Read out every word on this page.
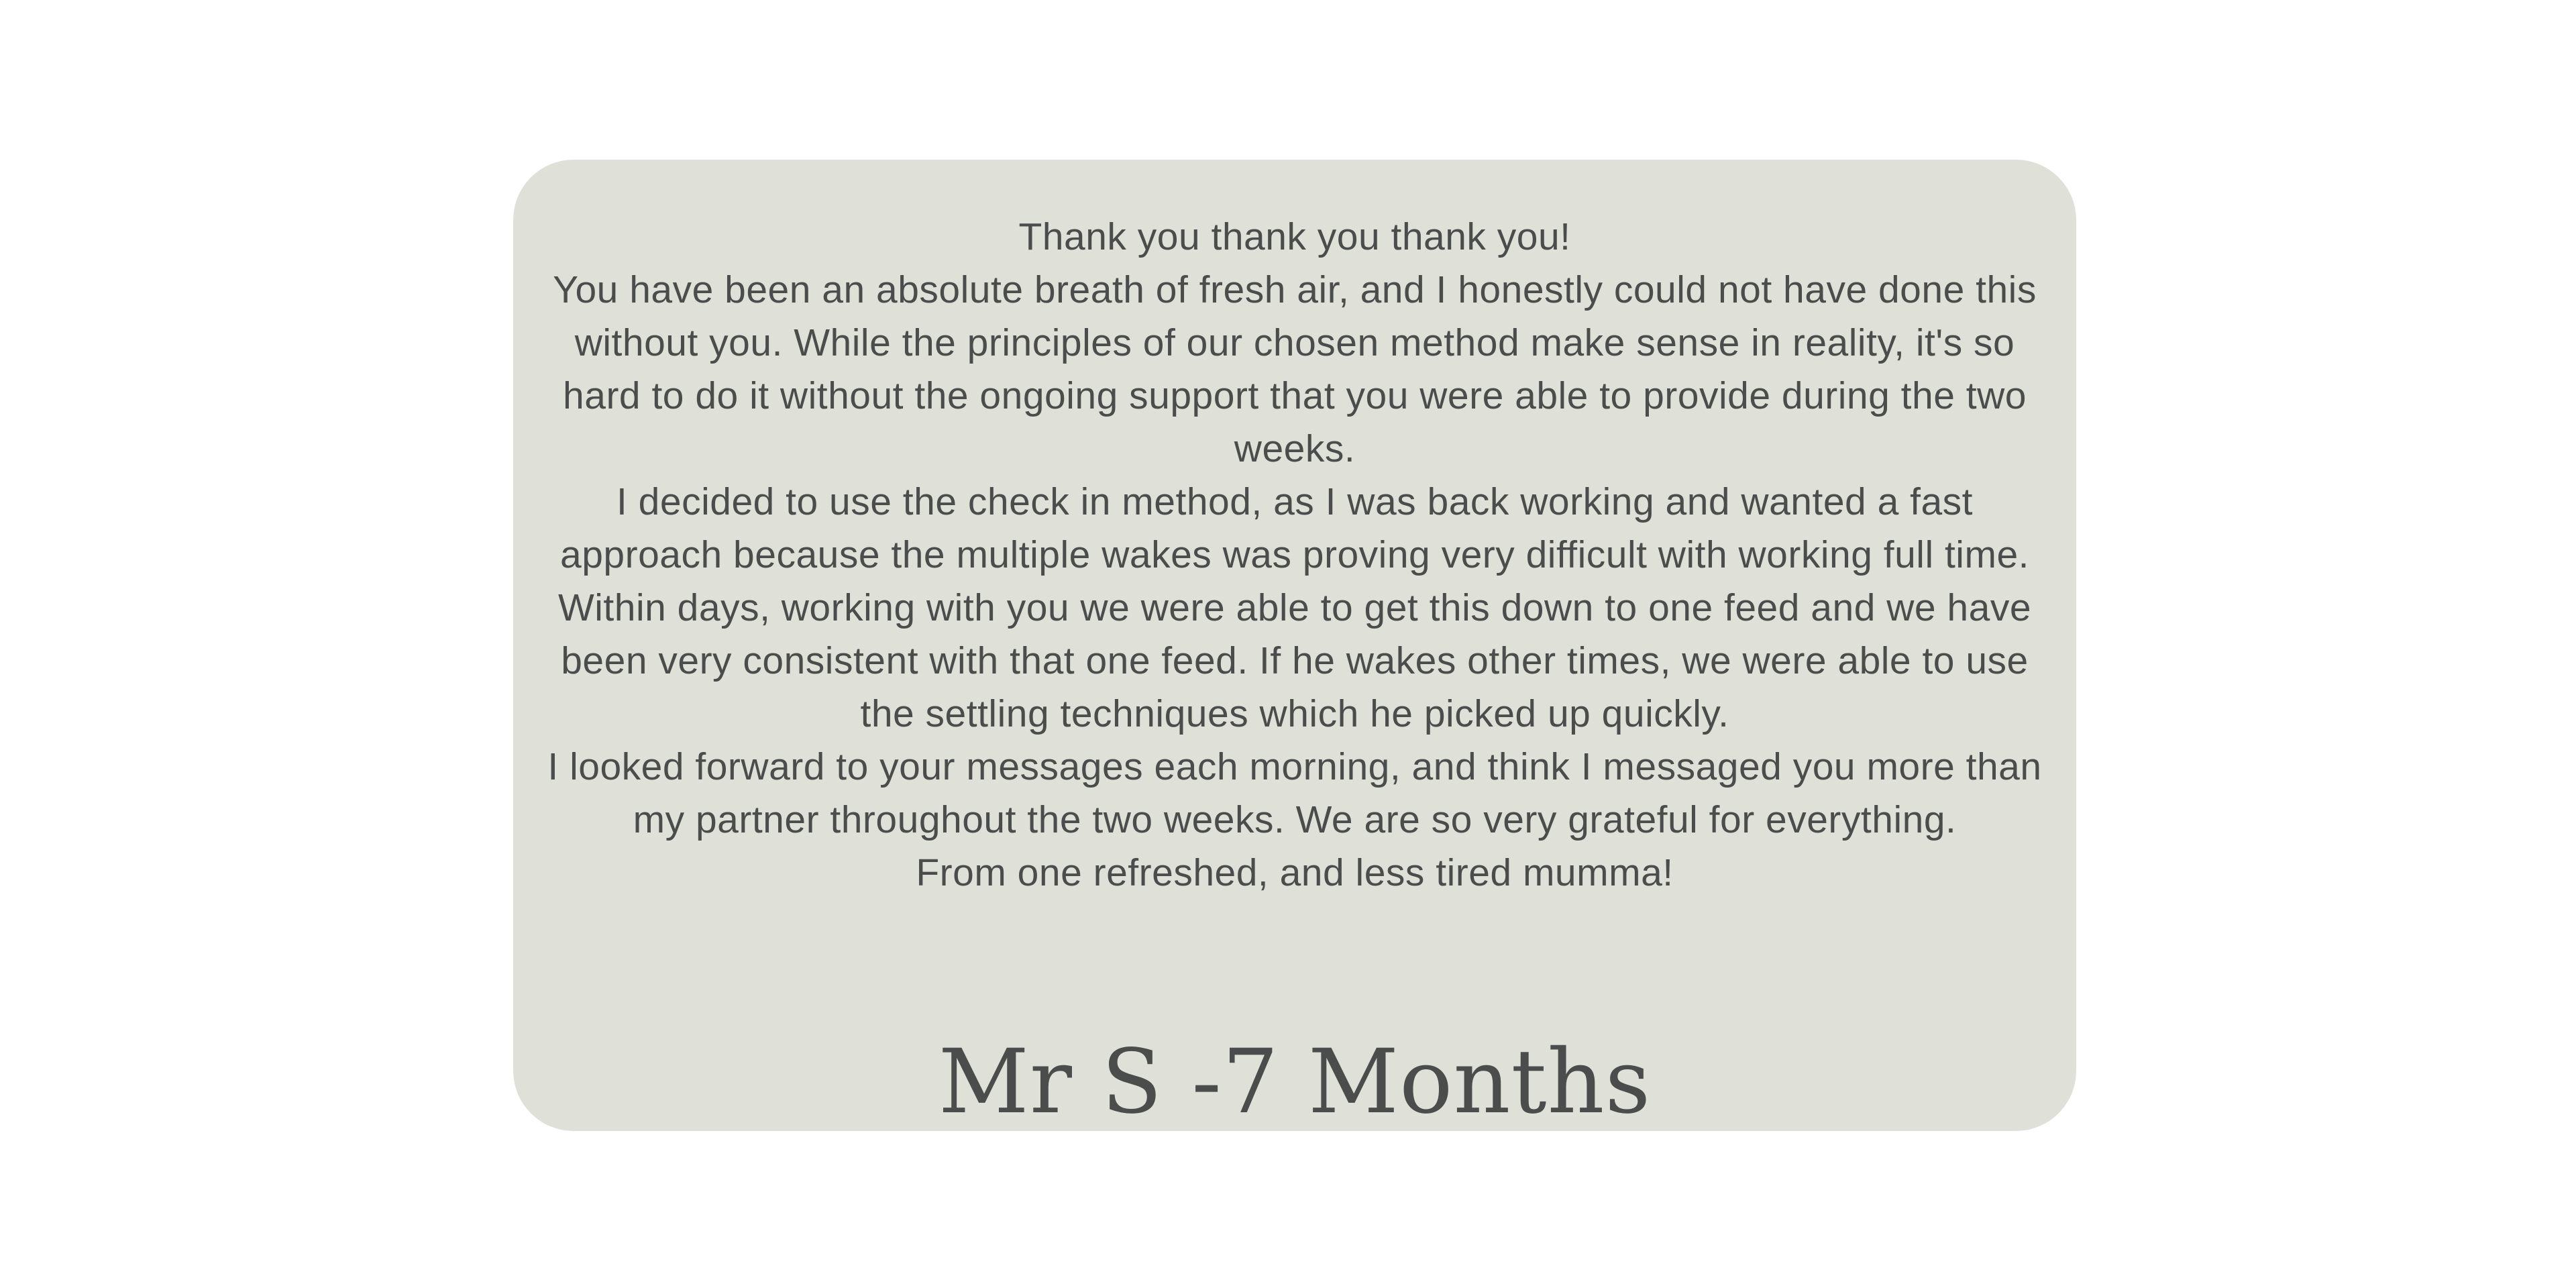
Thank you thank you thank you!

You have been an absolute breath of fresh air, and I honestly could not have done this without you. While the principles of our chosen method make sense in reality, it's so hard to do it without the ongoing support that you were able to provide during the two weeks.

I decided to use the check in method, as I was back working and wanted a fast approach because the multiple wakes was proving very difficult with working full time. Within days, working with you we were able to get this down to one feed and we have been very consistent with that one feed. If he wakes other times, we were able to use the settling techniques which he picked up quickly.

I looked forward to your messages each morning, and think I messaged you more than my partner throughout the two weeks. We are so very grateful for everything.

From one refreshed, and less tired mumma!

Mr S -7 Months
